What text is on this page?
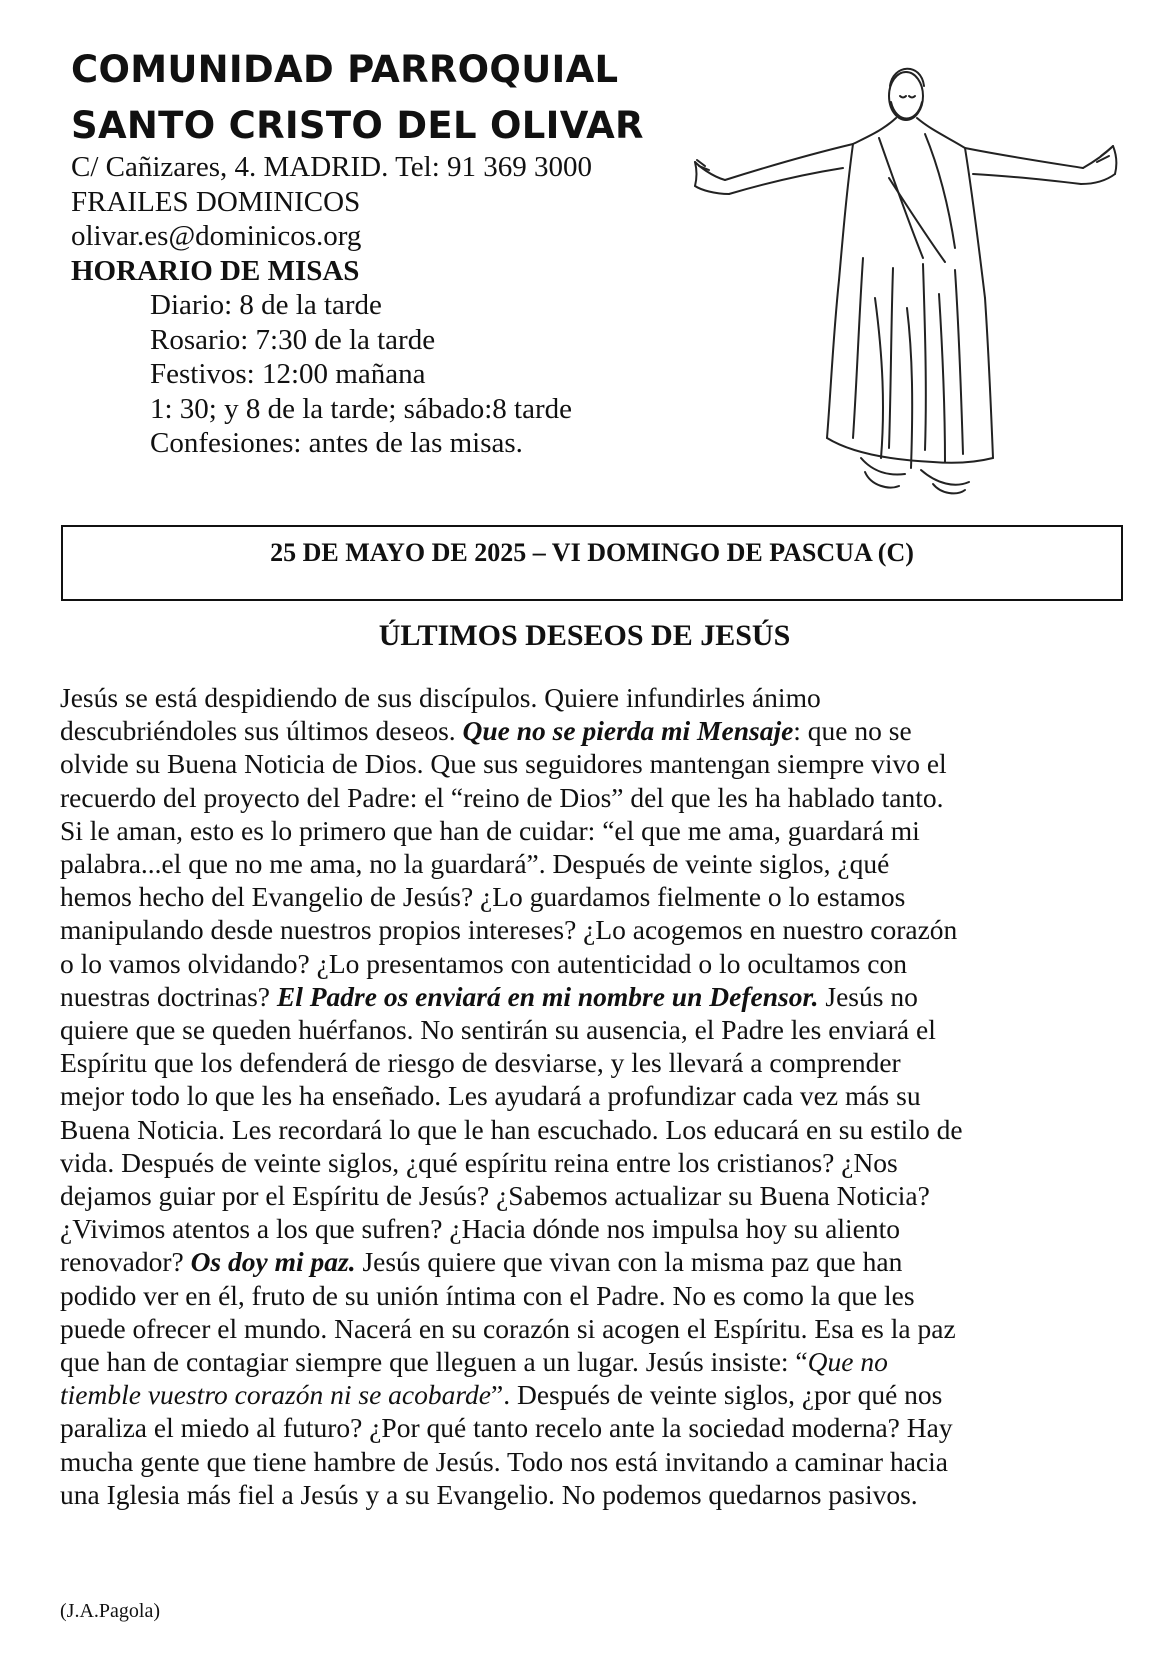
COMUNIDAD PARROQUIAL
SANTO CRISTO DEL OLIVAR
C/ Cañizares, 4. MADRID. Tel: 91 369 3000
FRAILES DOMINICOS
olivar.es@dominicos.org
HORARIO DE MISAS
Diario: 8 de la tarde
Rosario: 7:30 de la tarde
Festivos: 12:00 mañana
1: 30; y 8 de la tarde; sábado:8 tarde
Confesiones: antes de las misas.
25 DE MAYO DE 2025 – VI DOMINGO DE PASCUA (C)
ÚLTIMOS DESEOS DE JESÚS
Jesús se está despidiendo de sus discípulos. Quiere infundirles ánimo
descubriéndoles sus últimos deseos. Que no se pierda mi Mensaje: que no se
olvide su Buena Noticia de Dios. Que sus seguidores mantengan siempre vivo el
recuerdo del proyecto del Padre: el “reino de Dios” del que les ha hablado tanto.
Si le aman, esto es lo primero que han de cuidar: “el que me ama, guardará mi
palabra...el que no me ama, no la guardará”. Después de veinte siglos, ¿qué
hemos hecho del Evangelio de Jesús? ¿Lo guardamos fielmente o lo estamos
manipulando desde nuestros propios intereses? ¿Lo acogemos en nuestro corazón
o lo vamos olvidando? ¿Lo presentamos con autenticidad o lo ocultamos con
nuestras doctrinas? El Padre os enviará en mi nombre un Defensor. Jesús no
quiere que se queden huérfanos. No sentirán su ausencia, el Padre les enviará el
Espíritu que los defenderá de riesgo de desviarse, y les llevará a comprender
mejor todo lo que les ha enseñado. Les ayudará a profundizar cada vez más su
Buena Noticia. Les recordará lo que le han escuchado. Los educará en su estilo de
vida. Después de veinte siglos, ¿qué espíritu reina entre los cristianos? ¿Nos
dejamos guiar por el Espíritu de Jesús? ¿Sabemos actualizar su Buena Noticia?
¿Vivimos atentos a los que sufren? ¿Hacia dónde nos impulsa hoy su aliento
renovador? Os doy mi paz. Jesús quiere que vivan con la misma paz que han
podido ver en él, fruto de su unión íntima con el Padre. No es como la que les
puede ofrecer el mundo. Nacerá en su corazón si acogen el Espíritu. Esa es la paz
que han de contagiar siempre que lleguen a un lugar. Jesús insiste: “Que no
tiemble vuestro corazón ni se acobarde”. Después de veinte siglos, ¿por qué nos
paraliza el miedo al futuro? ¿Por qué tanto recelo ante la sociedad moderna? Hay
mucha gente que tiene hambre de Jesús. Todo nos está invitando a caminar hacia
una Iglesia más fiel a Jesús y a su Evangelio. No podemos quedarnos pasivos.
(J.A.Pagola)
